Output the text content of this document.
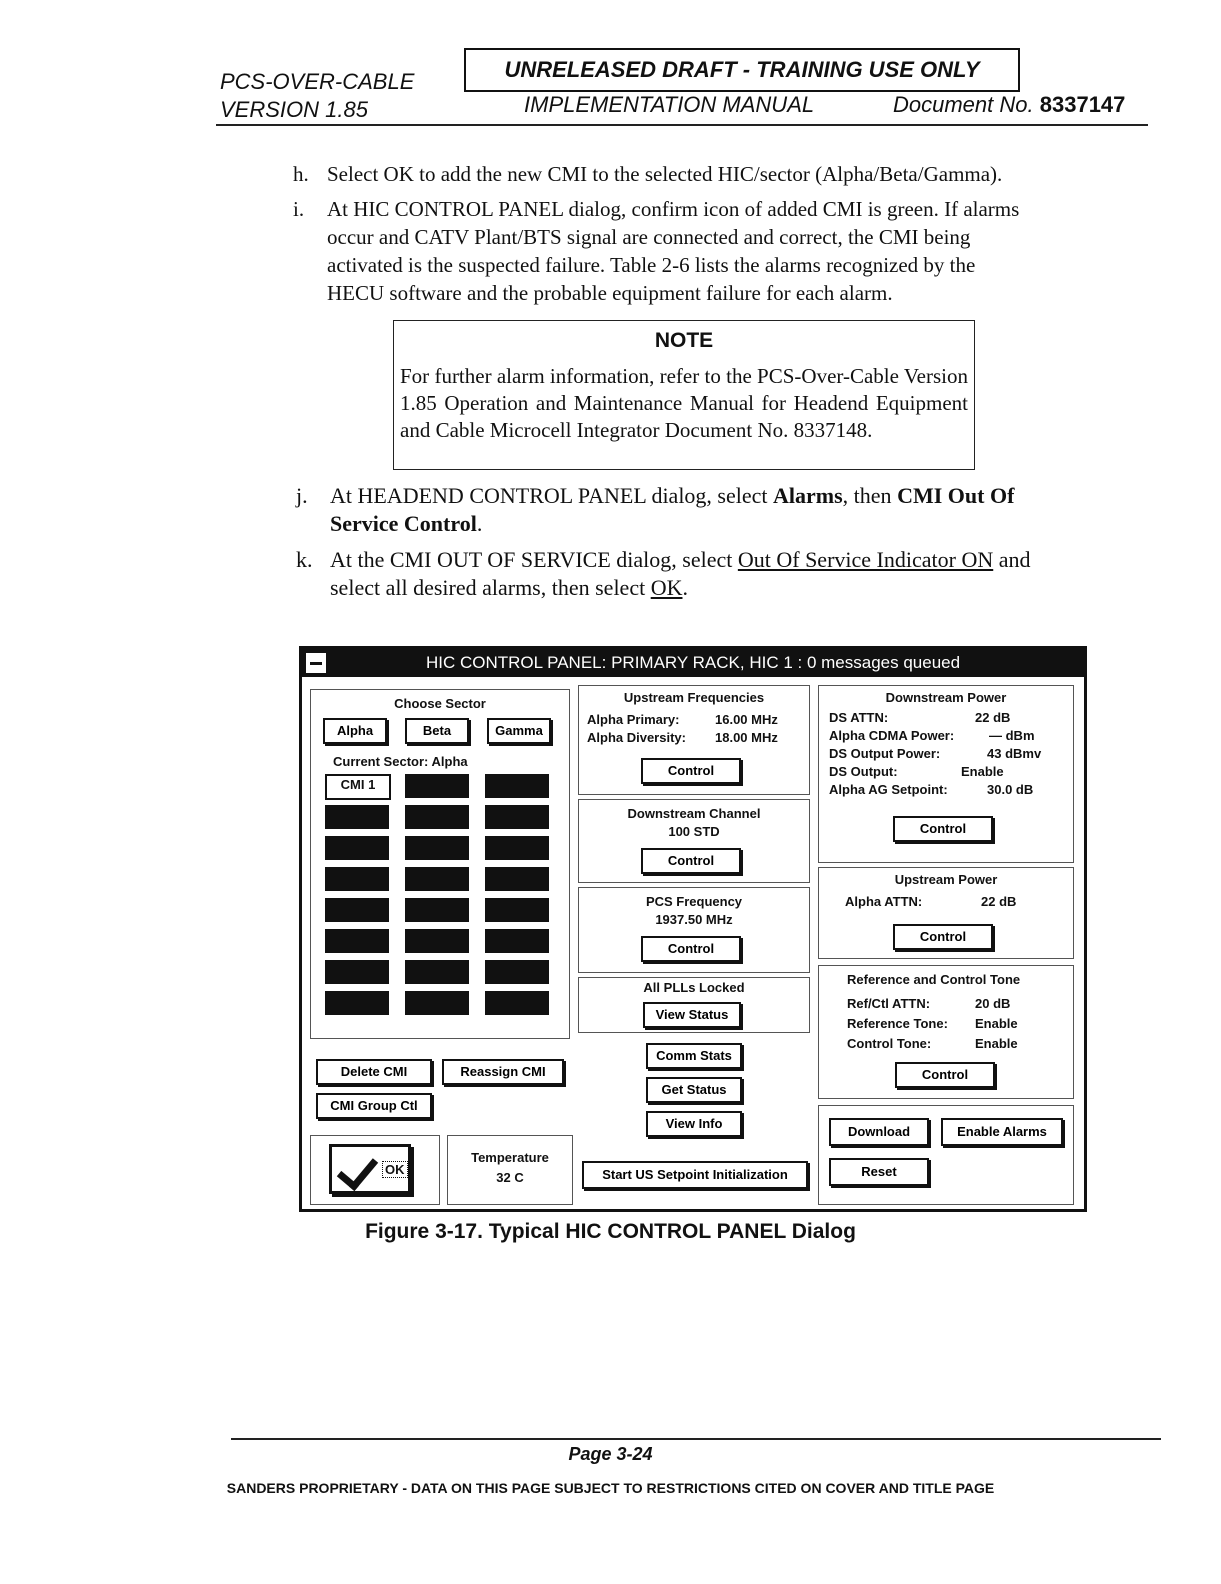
PCS-OVER-CABLE
VERSION 1.85
UNRELEASED DRAFT - TRAINING USE ONLY
IMPLEMENTATION MANUAL	Document No. 8337147
h. Select OK to add the new CMI to the selected HIC/sector (Alpha/Beta/Gamma).
i. At HIC CONTROL PANEL dialog, confirm icon of added CMI is green. If alarms
occur and CATV Plant/BTS signal are connected and correct, the CMI being
activated is the suspected failure. Table 2-6 lists the alarms recognized by the
HECU software and the probable equipment failure for each alarm.
NOTE
For further alarm information, refer to the PCS-Over-Cable Version 1.85 Operation and Maintenance Manual for Headend Equipment and Cable Microcell Integrator Document No. 8337148.
j. At HEADEND CONTROL PANEL dialog, select Alarms, then CMI Out Of
Service Control.
k. At the CMI OUT OF SERVICE dialog, select Out Of Service Indicator ON and
select all desired alarms, then select OK.
HIC CONTROL PANEL: PRIMARY RACK, HIC 1 : 0 messages queued
Choose Sector
Alpha	Beta	Gamma
Current Sector: Alpha
CMI 1
Delete CMI	Reassign CMI
CMI Group Ctl
OK
Temperature
32 C
Upstream Frequencies
Alpha Primary:	16.00 MHz
Alpha Diversity: 18.00 MHz
Control
Downstream Channel
100 STD
Control
PCS Frequency
1937.50 MHz
Control
All PLLs Locked
View Status
Comm Stats
Get Status
View Info
Start US Setpoint Initialization
Downstream Power
DS ATTN:	22 dB
Alpha CDMA Power:	— dBm
DS Output Power:	43 dBmv
DS Output:	Enable
Alpha AG Setpoint:	30.0 dB
Control
Upstream Power
Alpha ATTN:	22 dB
Control
Reference and Control Tone
Ref/Ctl ATTN:	20 dB
Reference Tone: Enable
Control Tone:	Enable
Control
Download	Enable Alarms
Reset
Figure 3-17. Typical HIC CONTROL PANEL Dialog
Page 3-24
SANDERS PROPRIETARY - DATA ON THIS PAGE SUBJECT TO RESTRICTIONS CITED ON COVER AND TITLE PAGE
